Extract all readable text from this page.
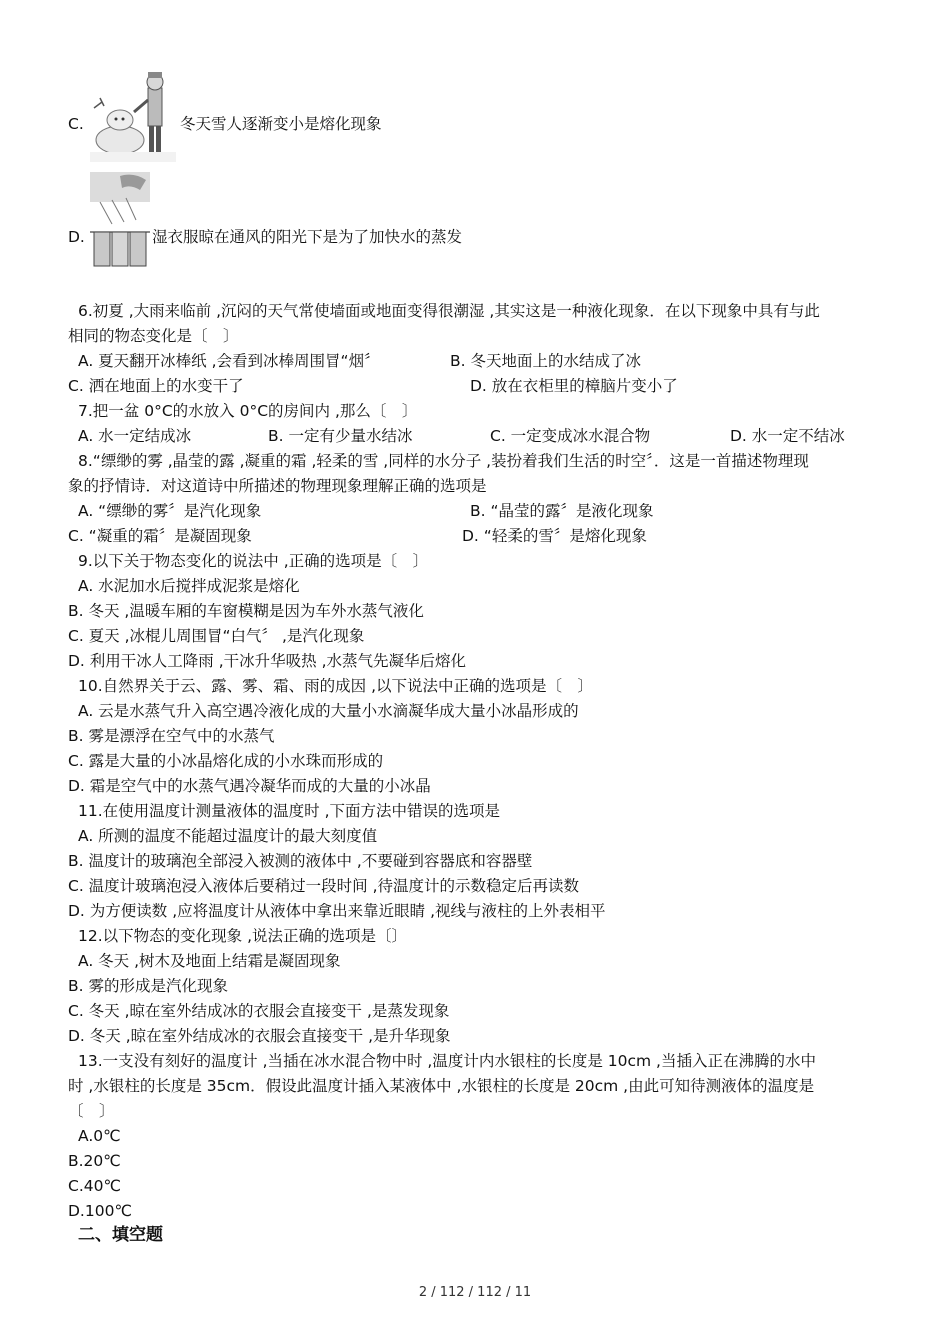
C.	冬天雪人逐渐变小是熔化现象
D.	湿衣服晾在通风的阳光下是为了加快水的蒸发
6.初夏 ,大雨来临前 ,沉闷的天气常使墙面或地面变得很潮湿 ,其实这是一种液化现象．在以下现象中具有与此
相同的物态变化是〔　〕
A. 夏天翻开冰棒纸 ,会看到冰棒周围冒“烟〞	B. 冬天地面上的水结成了冰
C. 洒在地面上的水变干了	D. 放在衣柜里的樟脑片变小了
7.把一盆 0°C的水放入 0°C的房间内 ,那么〔　〕
A. 水一定结成冰	B. 一定有少量水结冰	C. 一定变成冰水混合物	D. 水一定不结冰
8.“缥缈的雾 ,晶莹的露 ,凝重的霜 ,轻柔的雪 ,同样的水分子 ,装扮着我们生活的时空〞．这是一首描述物理现
象的抒情诗．对这道诗中所描述的物理现象理解正确的选项是
A. “缥缈的雾〞是汽化现象	B. “晶莹的露〞是液化现象
C. “凝重的霜〞是凝固现象	D. “轻柔的雪〞是熔化现象
9.以下关于物态变化的说法中 ,正确的选项是〔　〕
A. 水泥加水后搅拌成泥浆是熔化
B. 冬天 ,温暖车厢的车窗模糊是因为车外水蒸气液化
C. 夏天 ,冰棍儿周围冒“白气〞 ,是汽化现象
D. 利用干冰人工降雨 ,干冰升华吸热 ,水蒸气先凝华后熔化
10.自然界关于云、露、雾、霜、雨的成因 ,以下说法中正确的选项是〔　〕
A. 云是水蒸气升入高空遇冷液化成的大量小水滴凝华成大量小冰晶形成的
B. 雾是漂浮在空气中的水蒸气
C. 露是大量的小冰晶熔化成的小水珠而形成的
D. 霜是空气中的水蒸气遇冷凝华而成的大量的小冰晶
11.在使用温度计测量液体的温度时 ,下面方法中错误的选项是
A. 所测的温度不能超过温度计的最大刻度值
B. 温度计的玻璃泡全部浸入被测的液体中 ,不要碰到容器底和容器壁
C. 温度计玻璃泡浸入液体后要稍过一段时间 ,待温度计的示数稳定后再读数
D. 为方便读数 ,应将温度计从液体中拿出来靠近眼睛 ,视线与液柱的上外表相平
12.以下物态的变化现象 ,说法正确的选项是〔〕
A. 冬天 ,树木及地面上结霜是凝固现象
B. 雾的形成是汽化现象
C. 冬天 ,晾在室外结成冰的衣服会直接变干 ,是蒸发现象
D. 冬天 ,晾在室外结成冰的衣服会直接变干 ,是升华现象
13.一支没有刻好的温度计 ,当插在冰水混合物中时 ,温度计内水银柱的长度是 10cm ,当插入正在沸腾的水中
时 ,水银柱的长度是 35cm．假设此温度计插入某液体中 ,水银柱的长度是 20cm ,由此可知待测液体的温度是
〔　〕
A.0℃
B.20℃
C.40℃
D.100℃
二、填空题
2 / 112 / 112 / 11
